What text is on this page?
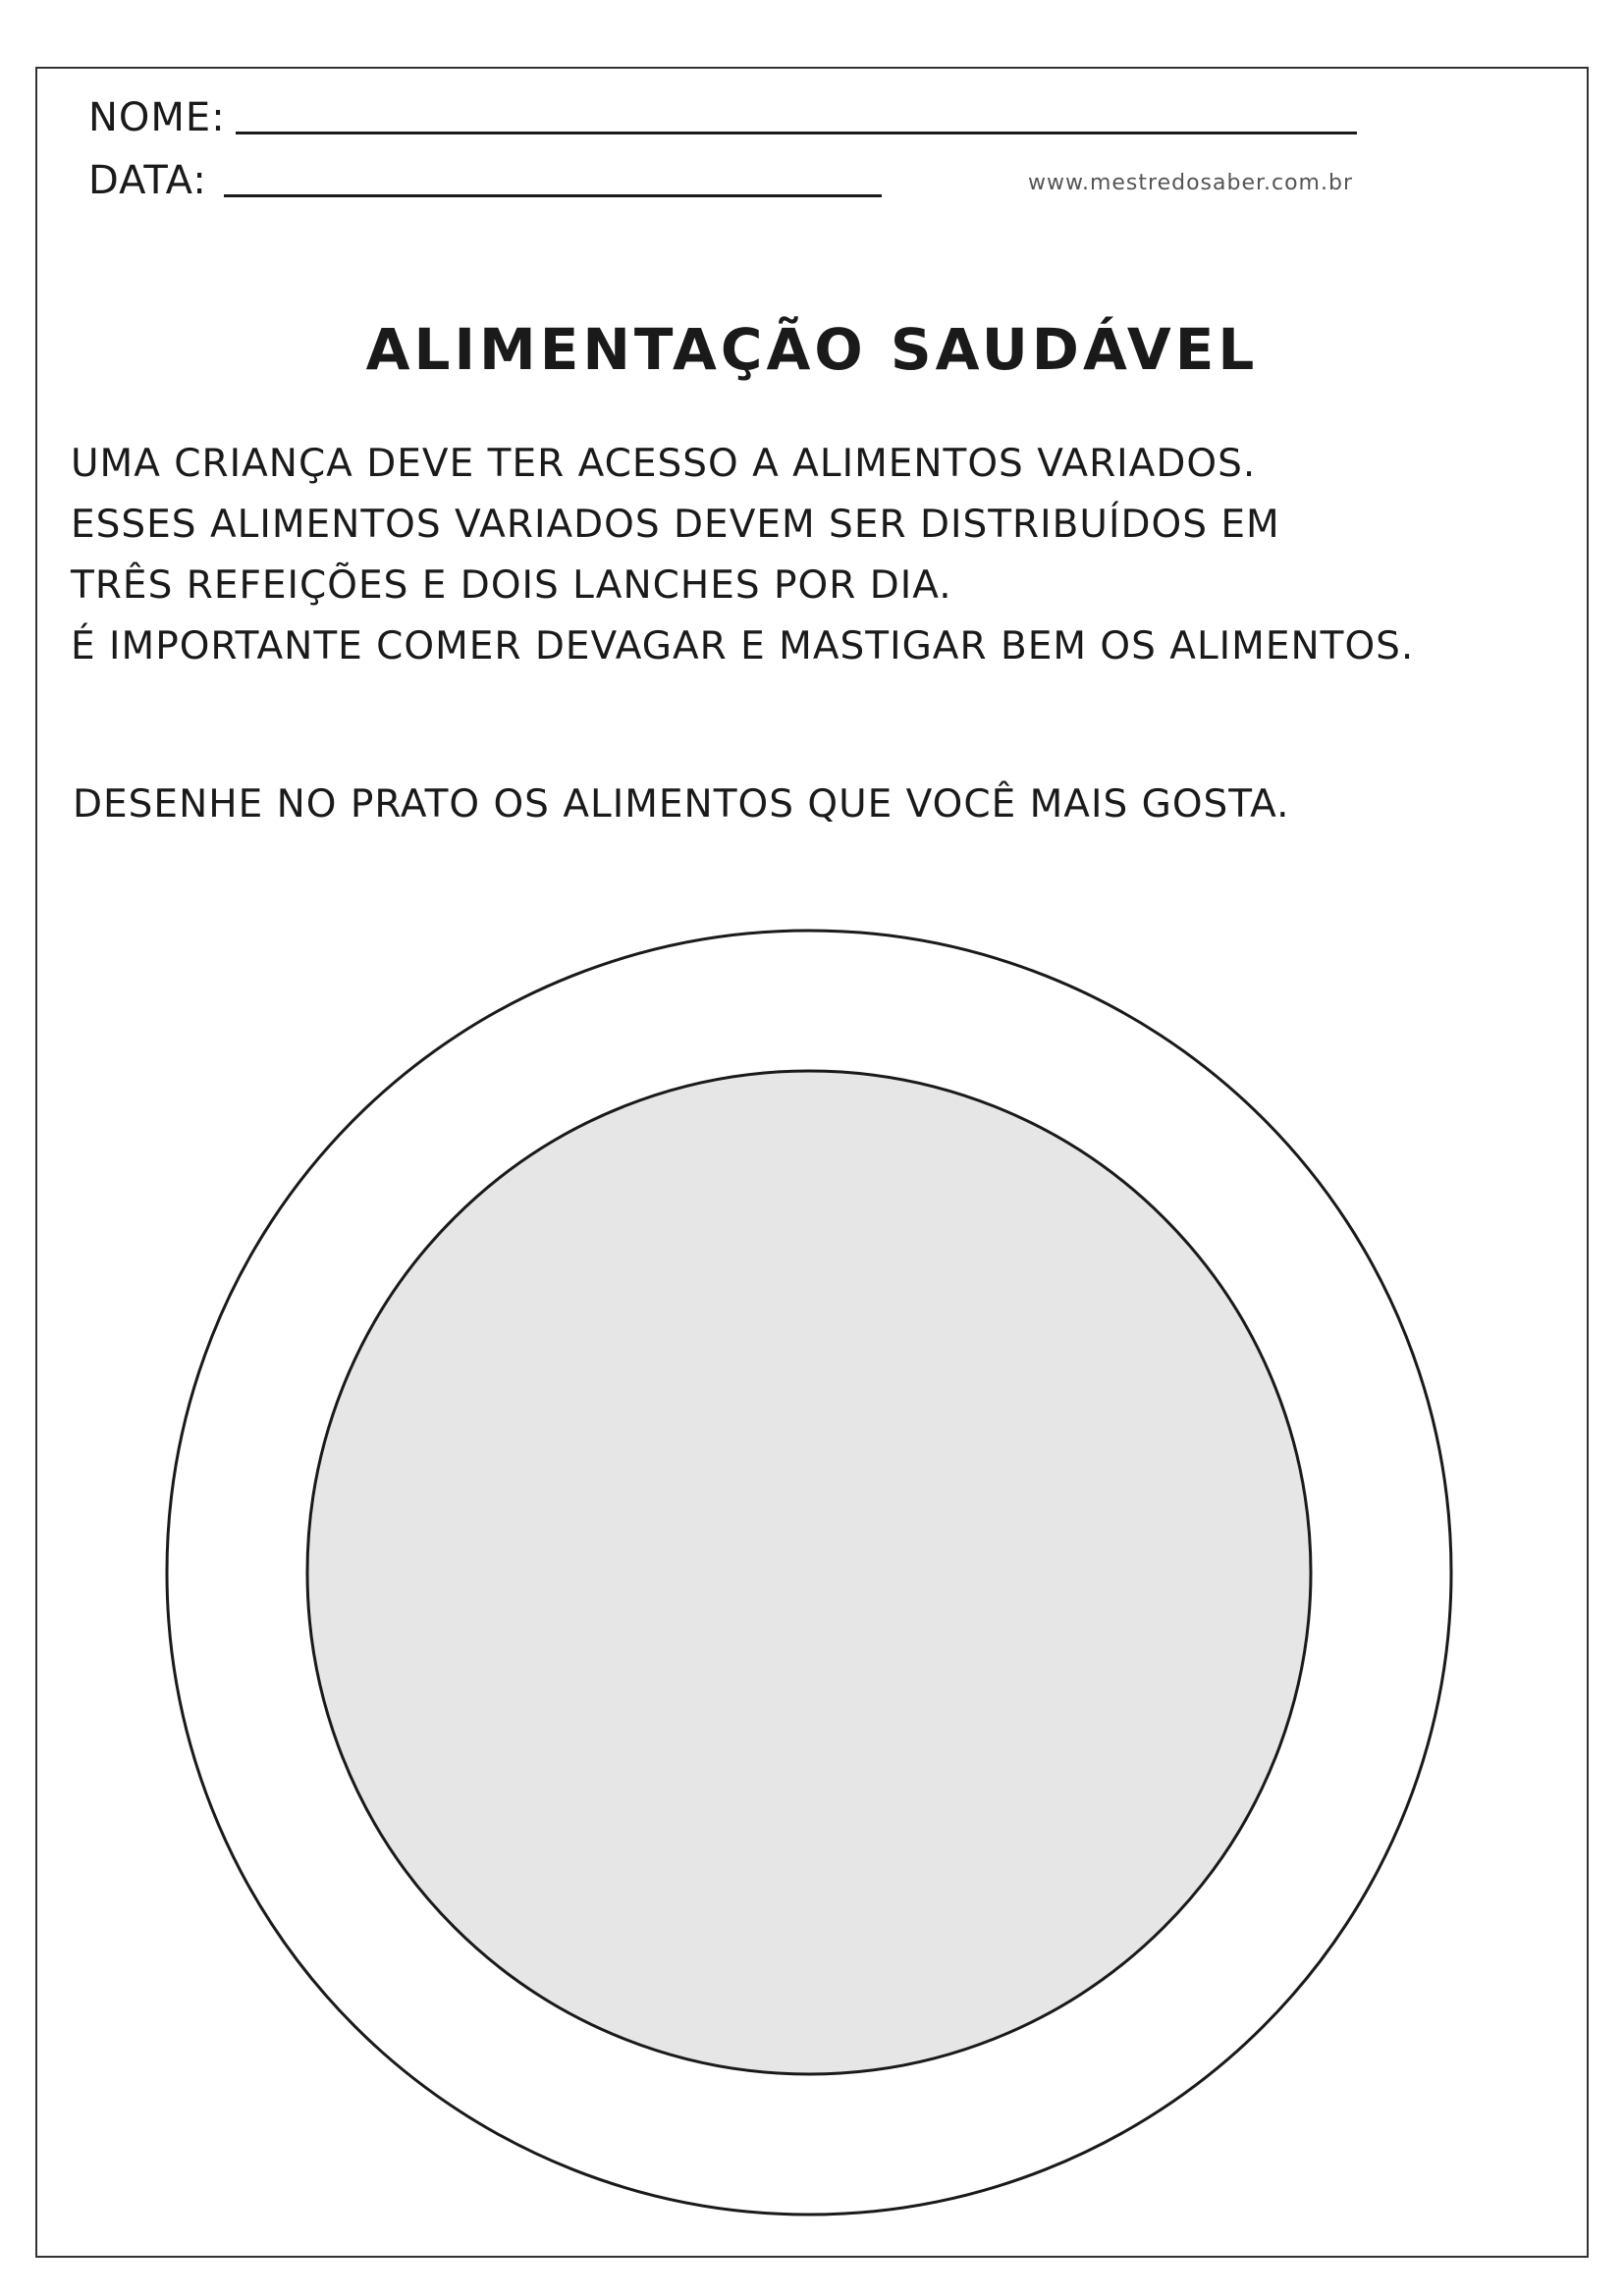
NOME:
DATA:	www.mestredosaber.com.br
ALIMENTAÇÃO SAUDÁVEL
UMA CRIANÇA DEVE TER ACESSO A ALIMENTOS VARIADOS.
ESSES ALIMENTOS VARIADOS DEVEM SER DISTRIBUÍDOS EM
TRÊS REFEIÇÕES E DOIS LANCHES POR DIA.
É IMPORTANTE COMER DEVAGAR E MASTIGAR BEM OS ALIMENTOS.
DESENHE NO PRATO OS ALIMENTOS QUE VOCÊ MAIS GOSTA.
